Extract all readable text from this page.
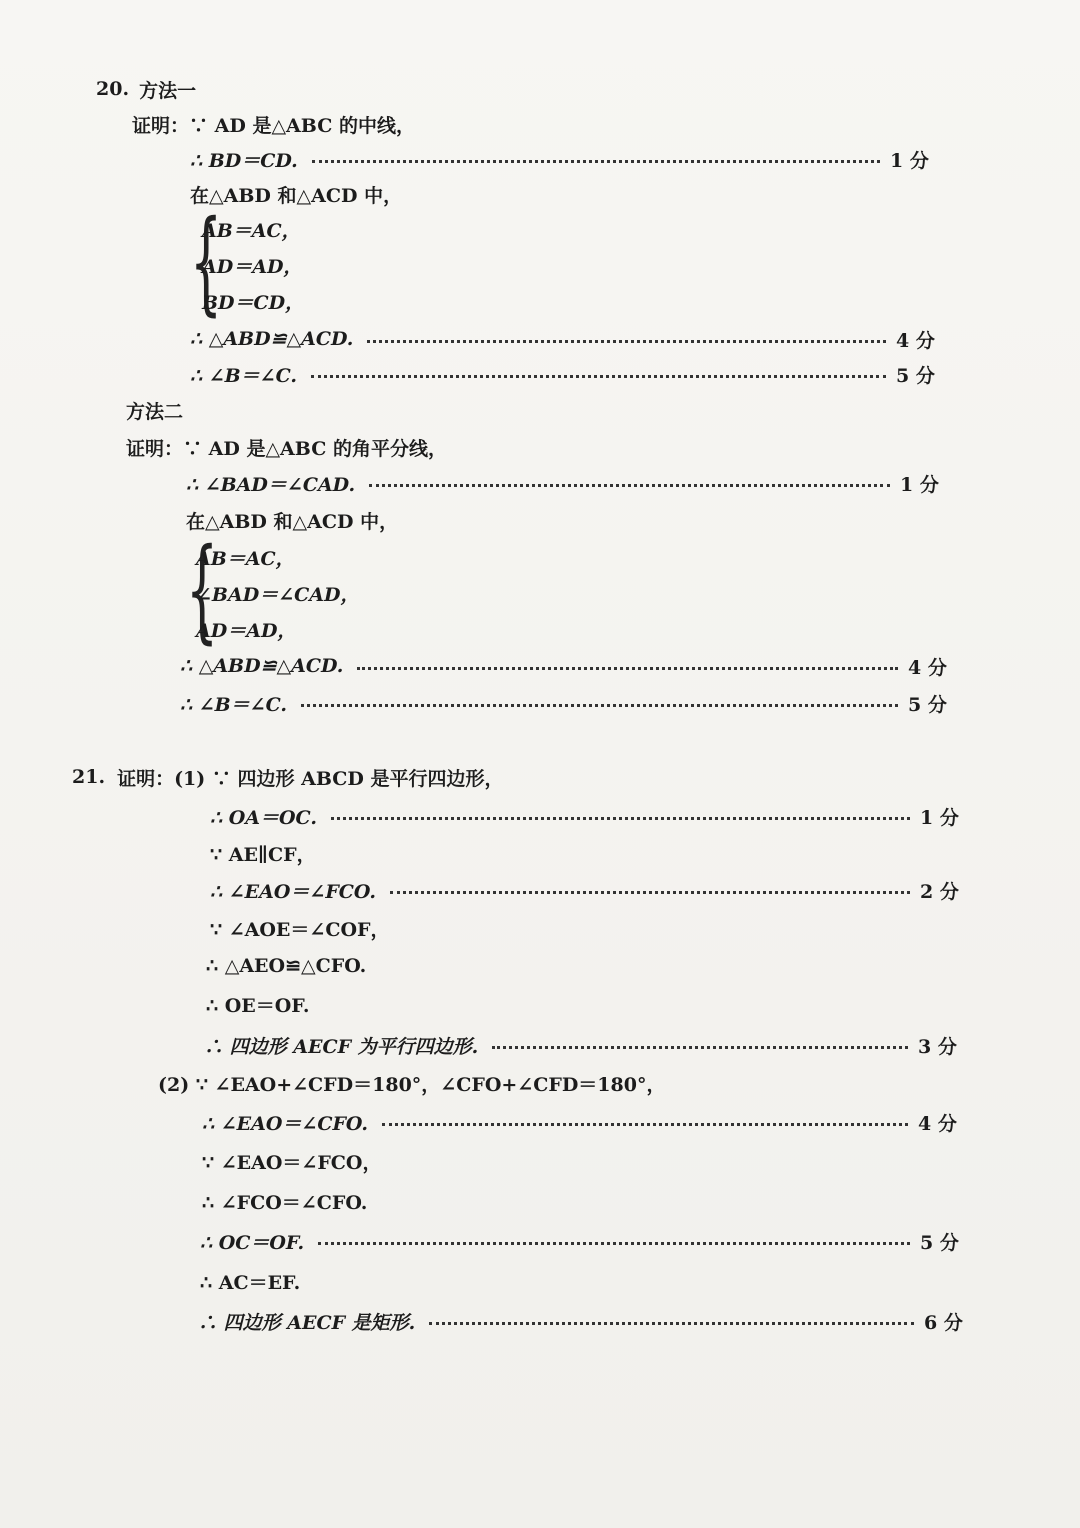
20. 方法一
证明：∵ AD 是△ABC 的中线，
∴ BD＝CD.	1 分
在△ABD 和△ACD 中，
{
AB＝AC，
AD＝AD，
BD＝CD，
∴ △ABD≌△ACD.	4 分
∴ ∠B＝∠C.	5 分
方法二
证明：∵ AD 是△ABC 的角平分线，
∴ ∠BAD＝∠CAD.	1 分
在△ABD 和△ACD 中，
{
AB＝AC，
∠BAD＝∠CAD，
AD＝AD，
∴ △ABD≌△ACD.	4 分
∴ ∠B＝∠C.	5 分
21. 证明：(1) ∵ 四边形 ABCD 是平行四边形，
∴ OA＝OC.	1 分
∵ AE∥CF，
∴ ∠EAO＝∠FCO.	2 分
∵ ∠AOE＝∠COF，
∴ △AEO≌△CFO.
∴ OE＝OF.
∴ 四边形 AECF 为平行四边形.	3 分
(2) ∵ ∠EAO+∠CFD＝180°，∠CFO+∠CFD＝180°，
∴ ∠EAO＝∠CFO.	4 分
∵ ∠EAO＝∠FCO，
∴ ∠FCO＝∠CFO.
∴ OC＝OF.	5 分
∴ AC＝EF.
∴ 四边形 AECF 是矩形.	6 分
